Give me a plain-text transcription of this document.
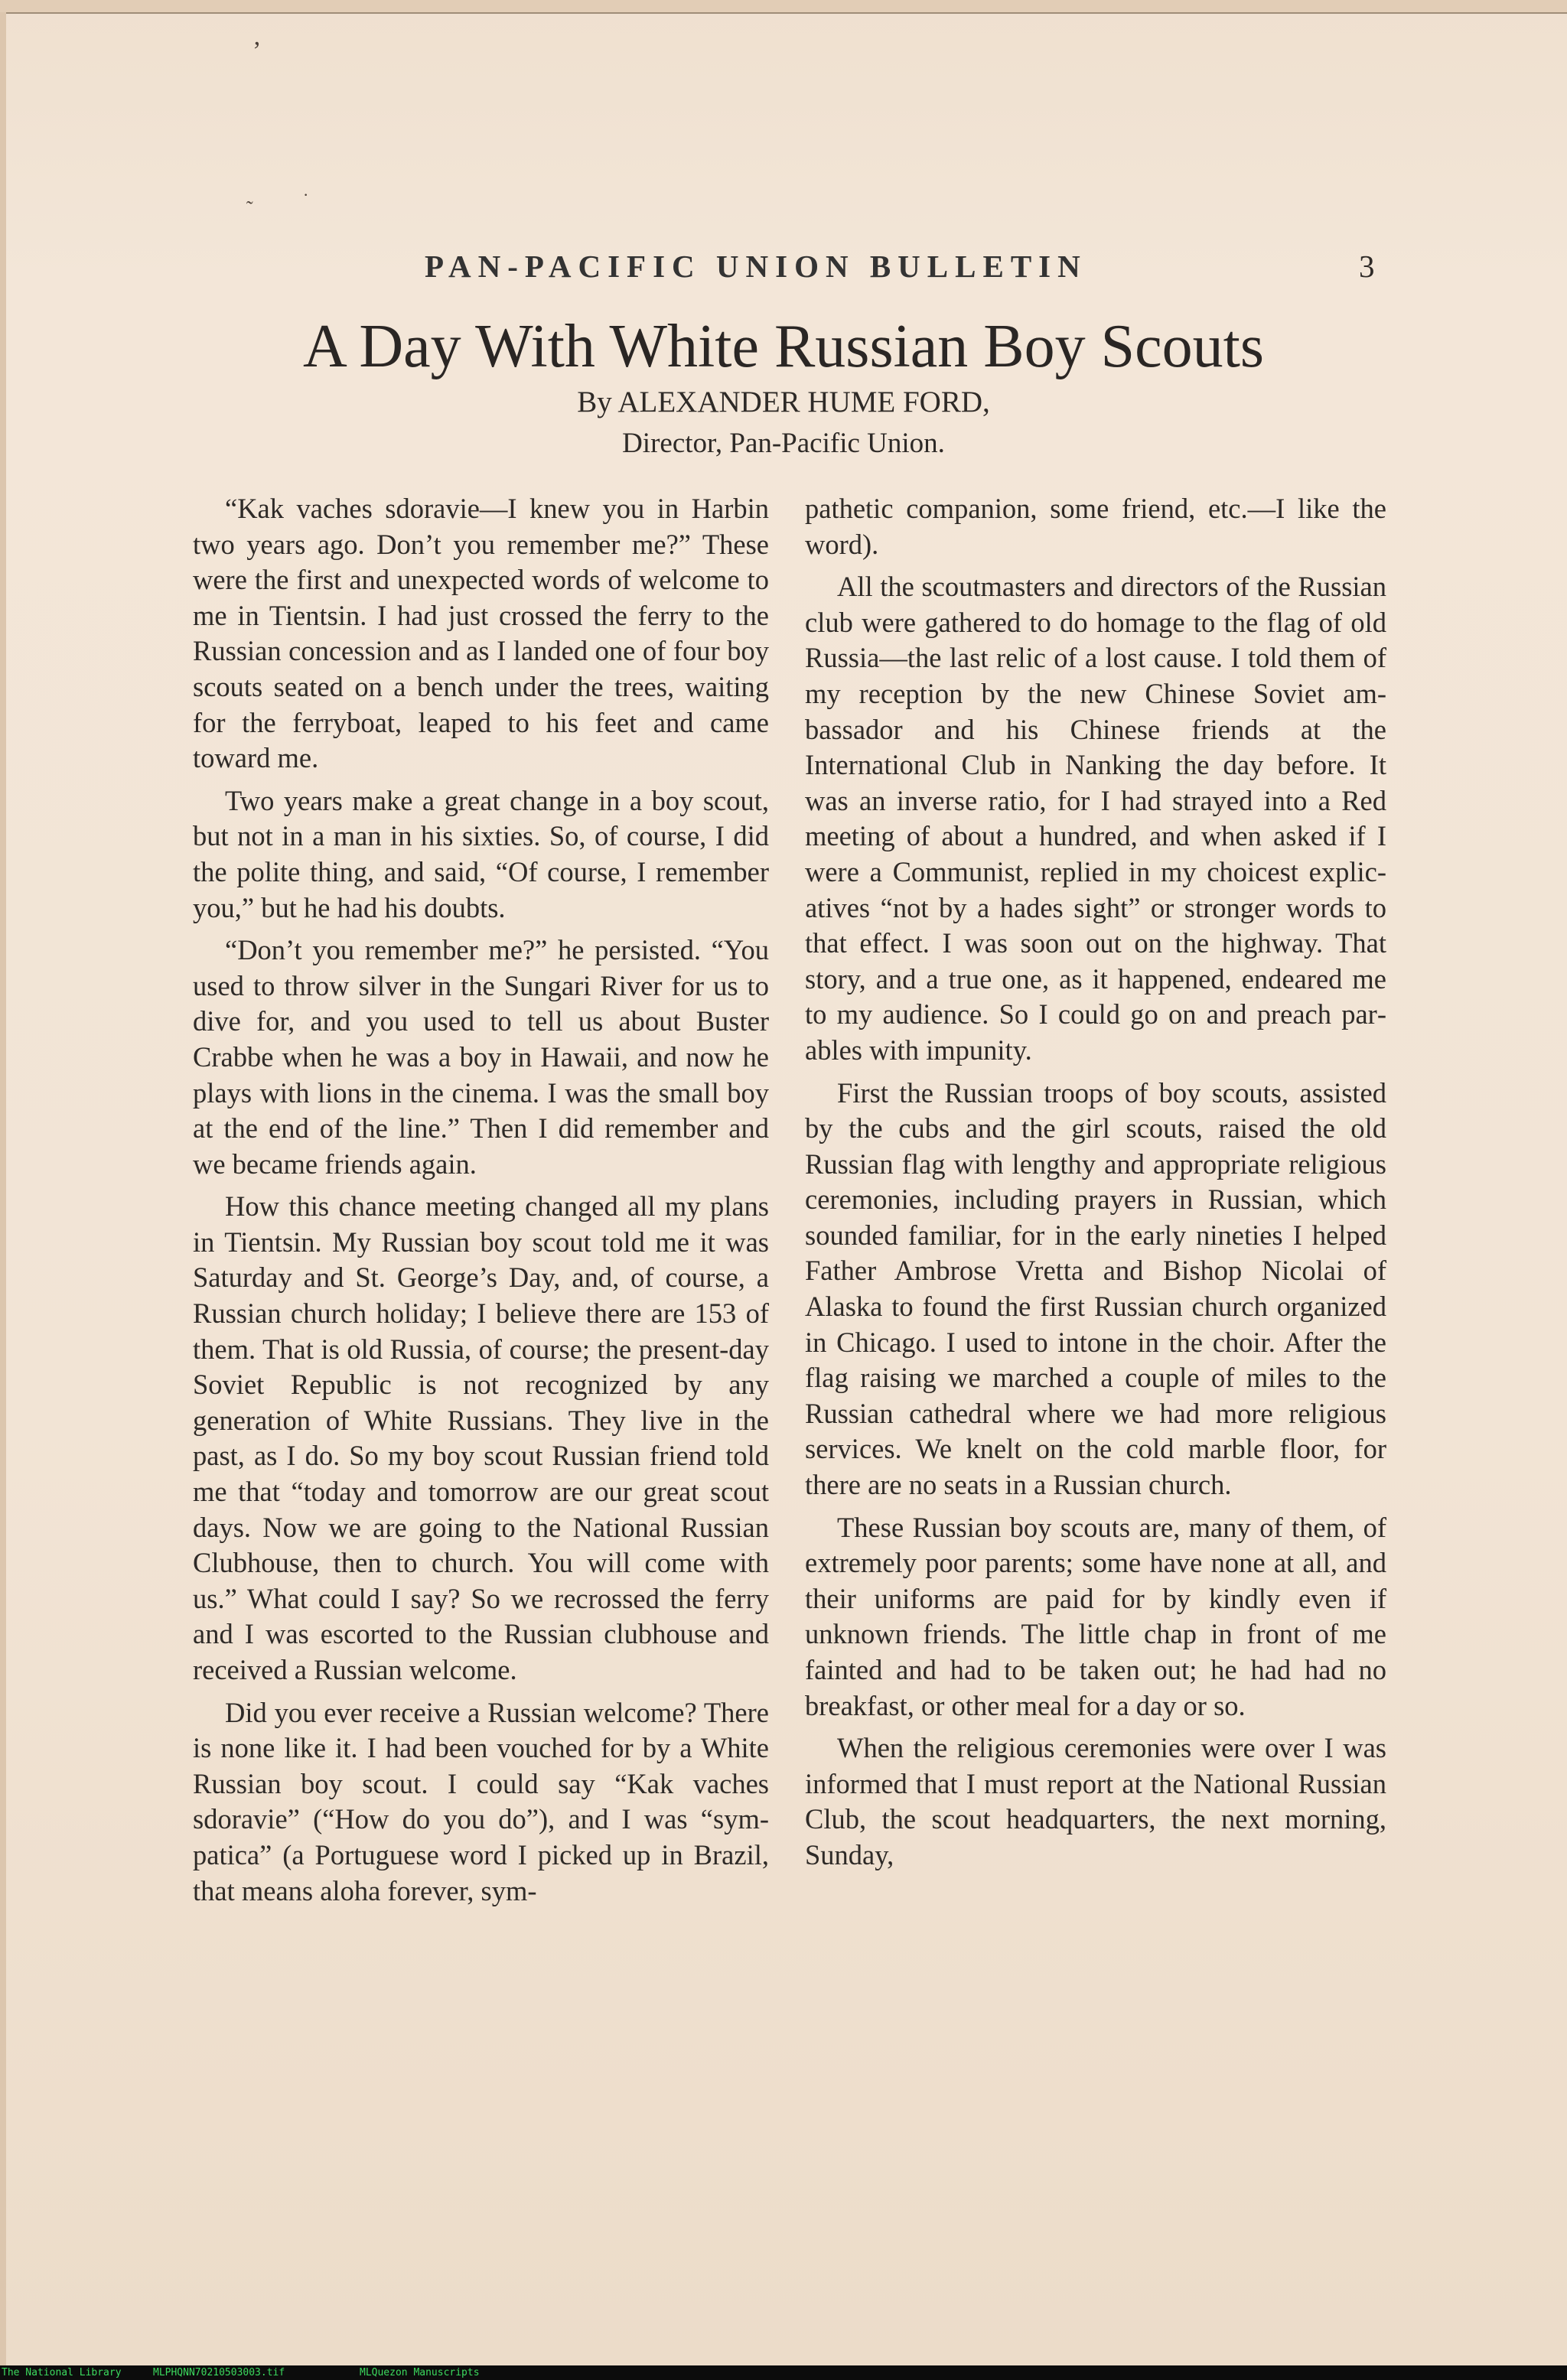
’
˜
·
PAN-PACIFIC UNION BULLETIN	3
A Day With White Russian Boy Scouts
By ALEXANDER HUME FORD,
Director, Pan-Pacific Union.

“Kak vaches sdoravie—I knew you in Harbin two years ago. Don’t you remember me?” These were the first and unexpected words of welcome to me in Tientsin. I had just crossed the ferry to the Russian concession and as I landed one of four boy scouts seated on a bench under the trees, waiting for the ferryboat, leaped to his feet and came toward me.

Two years make a great change in a boy scout, but not in a man in his sixties. So, of course, I did the polite thing, and said, “Of course, I remember you,” but he had his doubts.

“Don’t you remember me?” he persisted. “You used to throw silver in the Sungari River for us to dive for, and you used to tell us about Buster Crabbe when he was a boy in Hawaii, and now he plays with lions in the cinema. I was the small boy at the end of the line.” Then I did remember and we became friends again.

How this chance meeting changed all my plans in Tientsin. My Russian boy scout told me it was Saturday and St. George’s Day, and, of course, a Russian church holiday; I believe there are 153 of them. That is old Russia, of course; the present-day Soviet Republic is not recognized by any generation of White Russians. They live in the past, as I do. So my boy scout Russian friend told me that “today and tomorrow are our great scout days. Now we are going to the National Russian Clubhouse, then to church. You will come with us.” What could I say? So we recrossed the ferry and I was escorted to the Russian clubhouse and received a Russian welcome.

Did you ever receive a Russian welcome? There is none like it. I had been vouched for by a White Russian boy scout. I could say “Kak vaches sdoravie” (“How do you do”), and I was “sympatica” (a Portuguese word I picked up in Brazil, that means aloha forever, sym-

pathetic companion, some friend, etc.—I like the word).

All the scoutmasters and directors of the Russian club were gathered to do homage to the flag of old Russia—the last relic of a lost cause. I told them of my reception by the new Chinese Soviet ambassador and his Chinese friends at the International Club in Nanking the day before. It was an inverse ratio, for I had strayed into a Red meeting of about a hundred, and when asked if I were a Communist, replied in my choicest explicatives “not by a hades sight” or stronger words to that effect. I was soon out on the highway. That story, and a true one, as it happened, endeared me to my audience. So I could go on and preach parables with impunity.

First the Russian troops of boy scouts, assisted by the cubs and the girl scouts, raised the old Russian flag with lengthy and appropriate religious ceremonies, including prayers in Russian, which sounded familiar, for in the early nineties I helped Father Ambrose Vretta and Bishop Nicolai of Alaska to found the first Russian church organized in Chicago. I used to intone in the choir. After the flag raising we marched a couple of miles to the Russian cathedral where we had more religious services. We knelt on the cold marble floor, for there are no seats in a Russian church.

These Russian boy scouts are, many of them, of extremely poor parents; some have none at all, and their uniforms are paid for by kindly even if unknown friends. The little chap in front of me fainted and had to be taken out; he had had no breakfast, or other meal for a day or so.

When the religious ceremonies were over I was informed that I must report at the National Russian Club, the scout headquarters, the next morning, Sunday,

The National Library	MLPHQNN70210503003.tif	MLQuezon Manuscripts
